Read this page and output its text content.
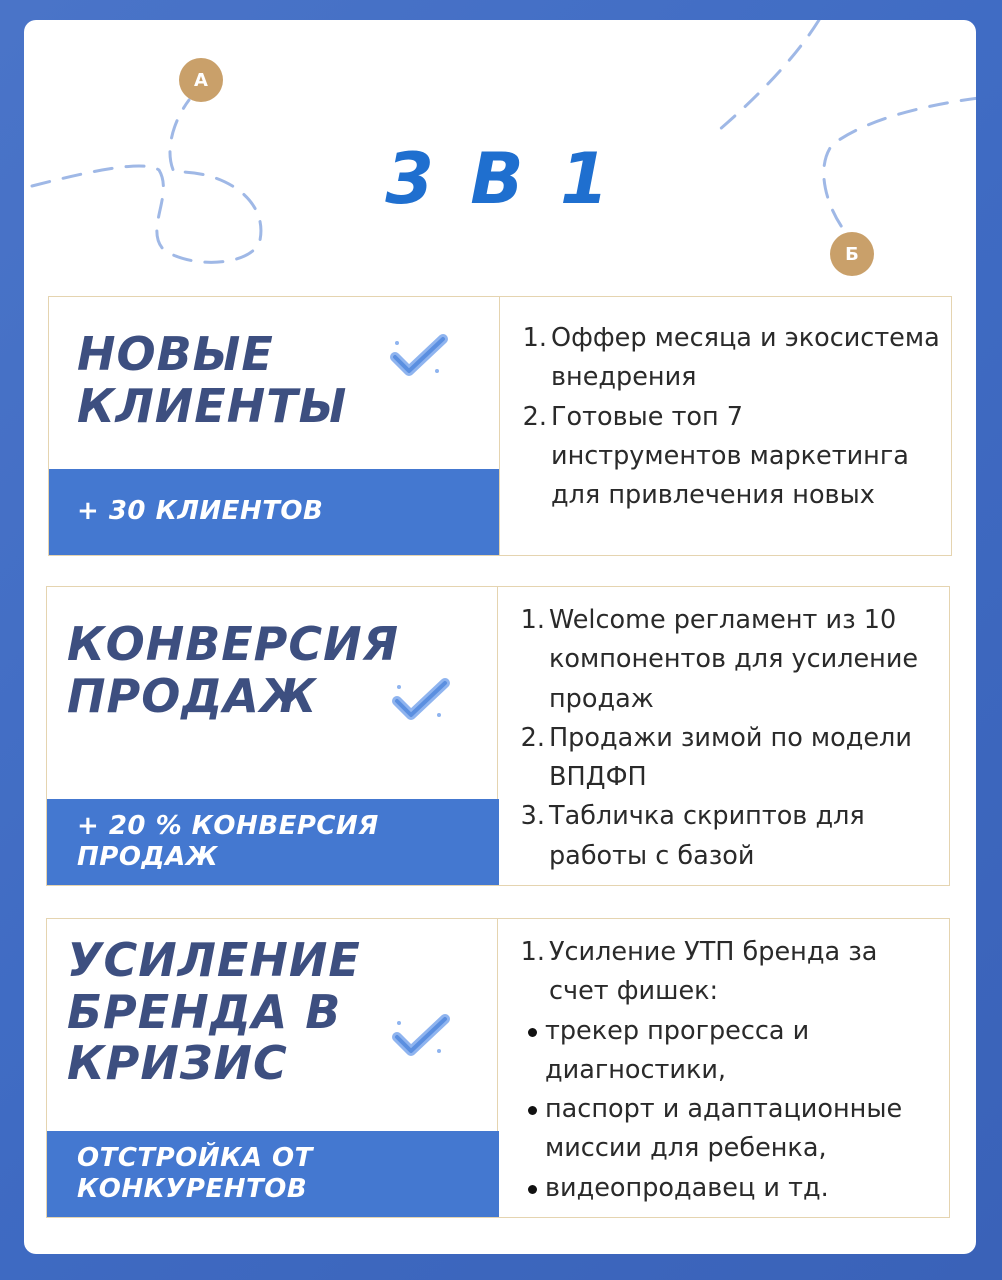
А
Б
3 В 1
НОВЫЕ
КЛИЕНТЫ
+ 30 КЛИЕНТОВ
1. Оффер месяца и экосистема внедрения
2. Готовые топ 7 инструментов маркетинга для привлечения новых
КОНВЕРСИЯ
ПРОДАЖ
+ 20 % КОНВЕРСИЯ
ПРОДАЖ
1. Welcome регламент из 10 компонентов для усиление продаж
2. Продажи зимой по модели ВПДФП
3. Табличка скриптов для работы с базой
УСИЛЕНИЕ
БРЕНДА В
КРИЗИС
ОТСТРОЙКА ОТ
КОНКУРЕНТОВ
1. Усиление УТП бренда за счет фишек:
трекер прогресса и диагностики,
паспорт и адаптационные миссии для ребенка,
видеопродавец и тд.
